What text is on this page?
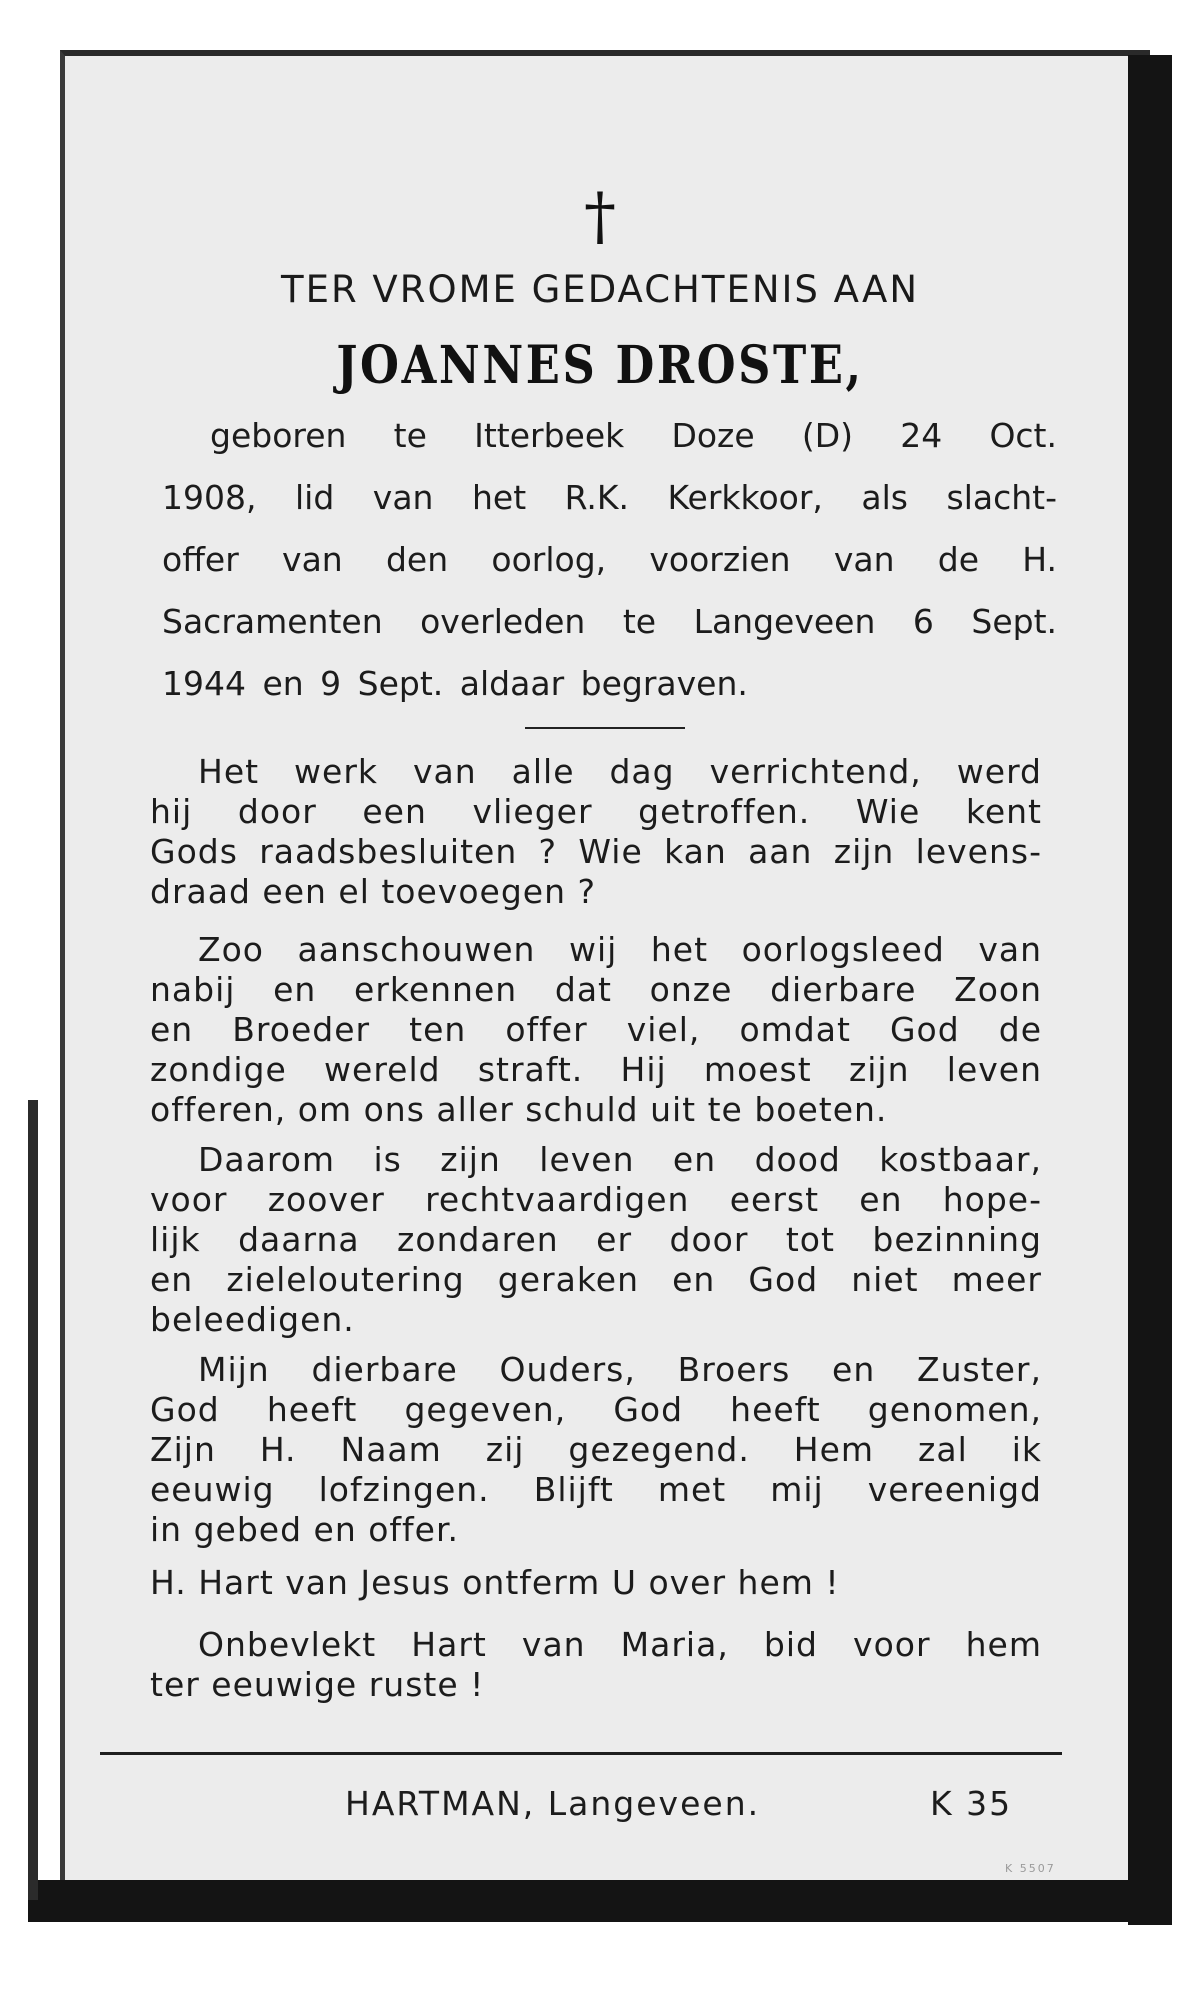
†
TER VROME GEDACHTENIS AAN
JOANNES DROSTE,
geboren te Itterbeek Doze (D) 24 Oct.
1908, lid van het R.K. Kerkkoor, als slacht-
offer van den oorlog, voorzien van de H.
Sacramenten overleden te Langeveen 6 Sept.
1944 en 9 Sept. aldaar begraven.
Het werk van alle dag verrichtend, werd
hij door een vlieger getroffen. Wie kent
Gods raadsbesluiten ? Wie kan aan zijn levens-
draad een el toevoegen ?
Zoo aanschouwen wij het oorlogsleed van
nabij en erkennen dat onze dierbare Zoon
en Broeder ten offer viel, omdat God de
zondige wereld straft. Hij moest zijn leven
offeren, om ons aller schuld uit te boeten.
Daarom is zijn leven en dood kostbaar,
voor zoover rechtvaardigen eerst en hope-
lijk daarna zondaren er door tot bezinning
en zieleloutering geraken en God niet meer
beleedigen.
Mijn dierbare Ouders, Broers en Zuster,
God heeft gegeven, God heeft genomen,
Zijn H. Naam zij gezegend. Hem zal ik
eeuwig lofzingen. Blijft met mij vereenigd
in gebed en offer.
H. Hart van Jesus ontferm U over hem !
Onbevlekt Hart van Maria, bid voor hem
ter eeuwige ruste !
HARTMAN, Langeveen.	K 35
K 5507
